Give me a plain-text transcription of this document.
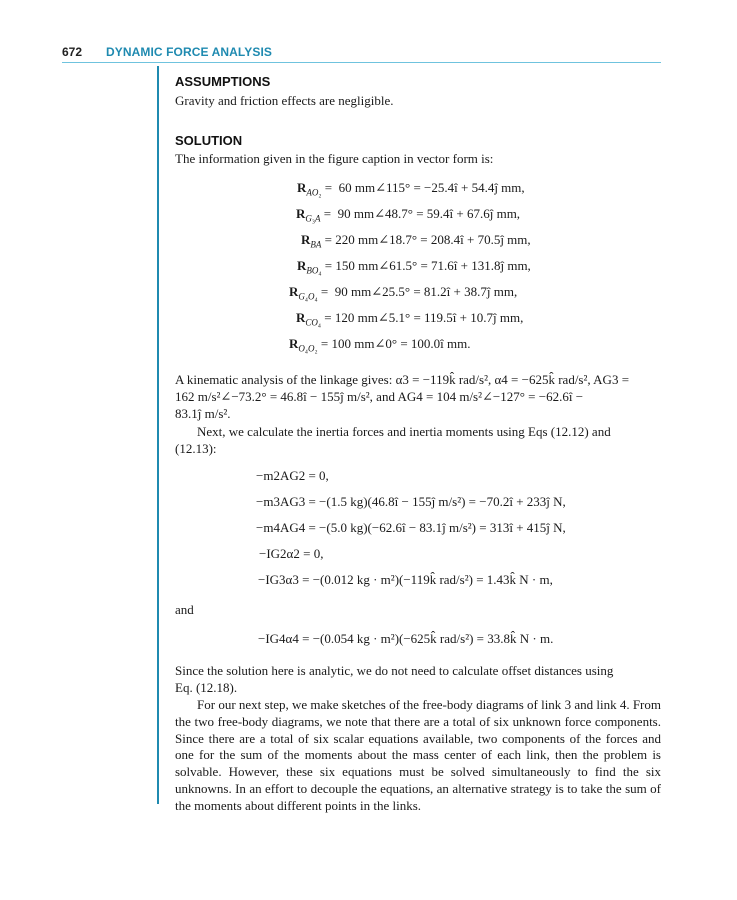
672 DYNAMIC FORCE ANALYSIS
ASSUMPTIONS
Gravity and friction effects are negligible.
SOLUTION
The information given in the figure caption in vector form is:
$R_{AO_2} = 60$ mm∠115° = −25.4î + 54.4ĵ mm,
$R_{G_3A} = 90$ mm∠48.7° = 59.4î + 67.6ĵ mm,
$R_{BA} = 220$ mm∠18.7° = 208.4î + 70.5ĵ mm,
$R_{BO_4} = 150$ mm∠61.5° = 71.6î + 131.8ĵ mm,
$R_{G_4O_4} = 90$ mm∠25.5° = 81.2î + 38.7ĵ mm,
$R_{CO_4} = 120$ mm∠5.1° = 119.5î + 10.7ĵ mm,
$R_{O_4O_2} = 100$ mm∠0° = 100.0î mm.
A kinematic analysis of the linkage gives: α3 = −119k̂ rad/s², α4 = −625k̂ rad/s², AG3 =
162 m/s²∠−73.2° = 46.8î − 155ĵ m/s², and AG4 = 104 m/s²∠−127° = −62.6î −
83.1ĵ m/s².
Next, we calculate the inertia forces and inertia moments using Eqs (12.12) and
(12.13):
−m2AG2 = 0,
−m3AG3 = −(1.5 kg)(46.8î − 155ĵ m/s²) = −70.2î + 233ĵ N,
−m4AG4 = −(5.0 kg)(−62.6î − 83.1ĵ m/s²) = 313î + 415ĵ N,
−IG2α2 = 0,
−IG3α3 = −(0.012 kg · m²)(−119k̂ rad/s²) = 1.43k̂ N · m,
and
−IG4α4 = −(0.054 kg · m²)(−625k̂ rad/s²) = 33.8k̂ N · m.
Since the solution here is analytic, we do not need to calculate offset distances using
Eq. (12.18).
For our next step, we make sketches of the free-body diagrams of link 3 and link 4. From the two free-body diagrams, we note that there are a total of six unknown force components. Since there are a total of six scalar equations available, two components of the forces and one for the sum of the moments about the mass center of each link, then the problem is solvable. However, these six equations must be solved simultaneously to find the six unknowns. In an effort to decouple the equations, an alternative strategy is to take the sum of the moments about different points in the links.
